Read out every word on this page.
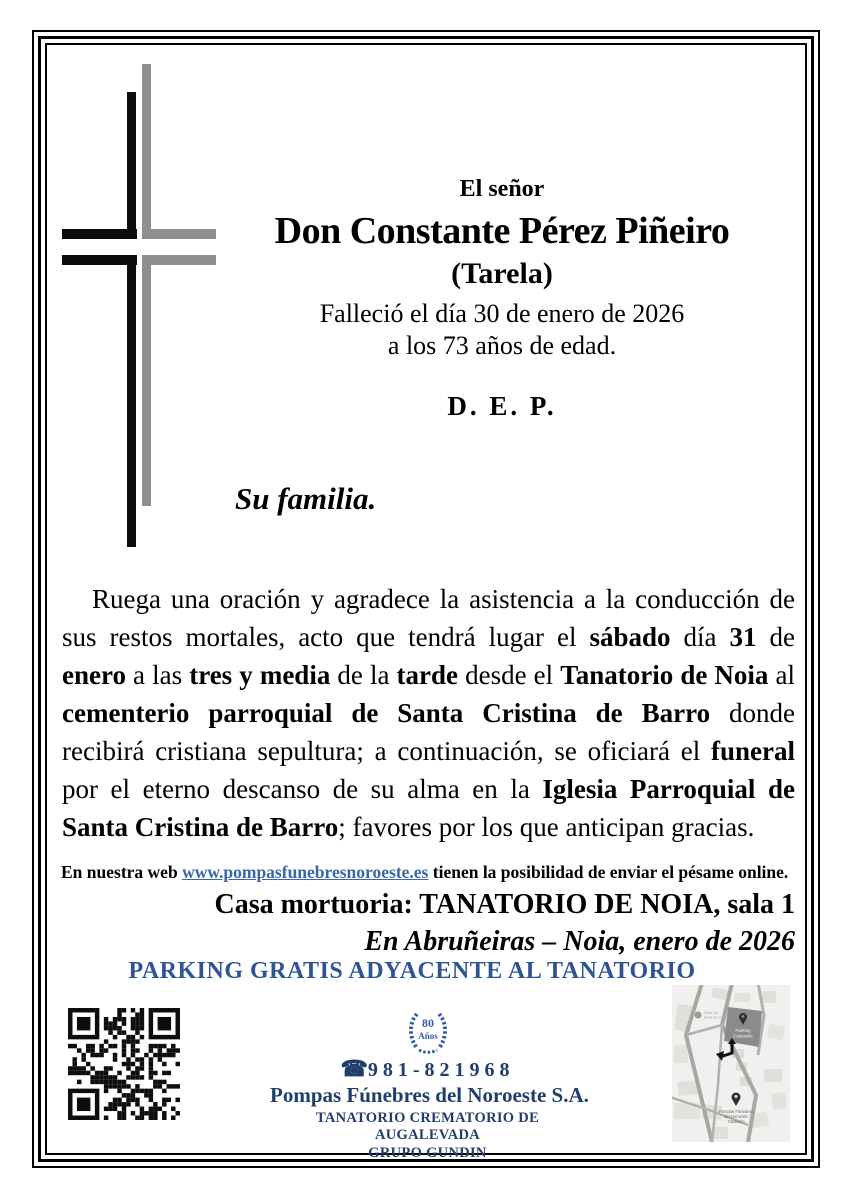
El señor
Don Constante Pérez Piñeiro
(Tarela)
Falleció el día 30 de enero de 2026
a los 73 años de edad.
D. E. P.
Su familia.

Ruega una oración y agradece la asistencia a la conducción de sus restos mortales, acto que tendrá lugar el sábado día 31 de enero a las tres y media de la tarde desde el Tanatorio de Noia al cementerio parroquial de Santa Cristina de Barro donde recibirá cristiana sepultura; a continuación, se oficiará el funeral por el eterno descanso de su alma en la Iglesia Parroquial de Santa Cristina de Barro; favores por los que anticipan gracias.

En nuestra web www.pompasfunebresnoroeste.es tienen la posibilidad de enviar el pésame online.
Casa mortuoria: TANATORIO DE NOIA, sala 1
En Abruñeiras – Noia, enero de 2026
PARKING GRATIS ADYACENTE AL TANATORIO
80
Años
☎981-821968
Pompas Fúnebres del Noroeste S.A.
TANATORIO CREMATORIO DE AUGALEVADA
GRUPO GUNDIN
Parking
Funeraria
Noia Ctr.
Área de servizo
Pompas Fúnebres
del Noroeste
Tanatorio
